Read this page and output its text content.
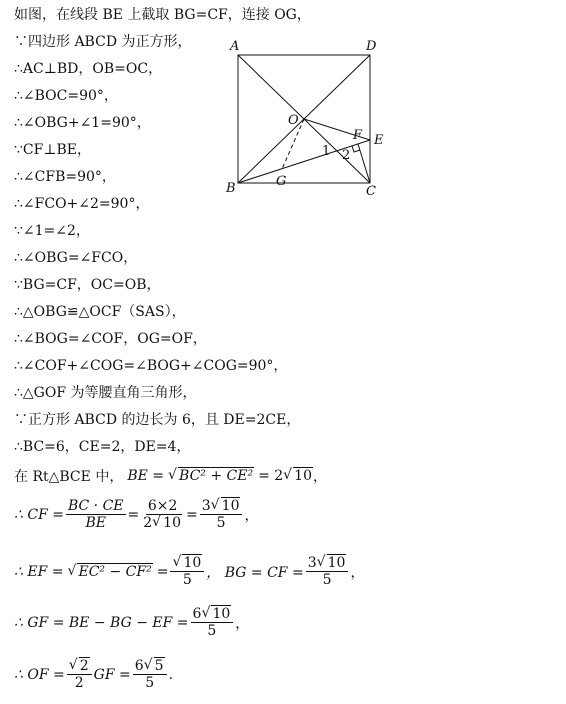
如图，在线段 BE 上截取 BG=CF，连接 OG，
∵四边形 ABCD 为正方形，
∴AC⊥BD，OB=OC，
∴∠BOC=90°，
∴∠OBG+∠1=90°，
∵CF⊥BE，
∴∠CFB=90°，
∴∠FCO+∠2=90°，
∵∠1=∠2，
∴∠OBG=∠FCO，
∵BG=CF，OC=OB，
∴△OBG≌△OCF（SAS），
∴∠BOG=∠COF，OG=OF，
∴∠COF+∠COG=∠BOG+∠COG=90°，
∴△GOF 为等腰直角三角形，
∵正方形 ABCD 的边长为 6，且 DE=2CE，
∴BC=6，CE=2，DE=4，
在 Rt△BCE 中， BE =	√ BC² + CE² = 2 √ 10 ，
∴ CF = $\frac{BC \cdot CE}{BE} = \frac{6\times 2}{2 √ 10} = \frac{3 √ 10}{5}$ ，
∴ EF =	√ EC² − CF² = √ $\frac{10}{5}$ ， BG = CF = $\frac{3 √ 10}{5}$ ，
∴ GF = BE − BG − EF = $\frac{6 √ 10}{5}$ ，
∴ OF = √ $\frac{2}{2}$ GF = $\frac{6 √ 5}{5}$ .
A	D
B	C
E
F
G
O
1 2
